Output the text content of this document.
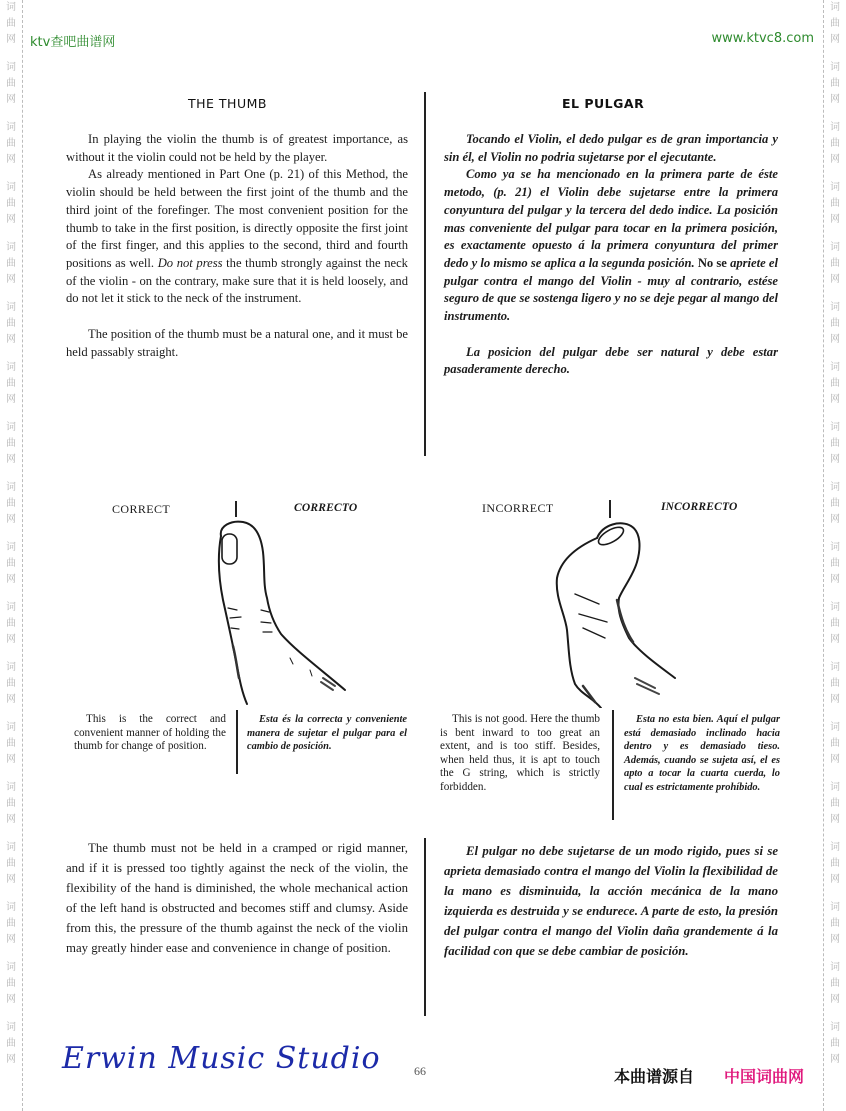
词
曲
网
词
曲
网
词
曲
网
词
曲
网
词
曲
网
词
曲
网
词
曲
网
词
曲
网
词
曲
网
词
曲
网
词
曲
网
词
曲
网
词
曲
网
词
曲
网
词
曲
网
词
曲
网
词
曲
网
词
曲
网
词
曲
网
词
曲
网
词
曲
网
词
曲
网
词
曲
网
词
曲
网
词
曲
网
词
曲
网
词
曲
网
词
曲
网
词
曲
网
词
曲
网
词
曲
网
词
曲
网
词
曲
网
词
曲
网
词
曲
网
词
曲
网
ktv查吧曲谱网	www.ktvc8.com
THE THUMB	EL PULGAR

In playing the violin the thumb is of greatest importance, as without it the violin could not be held by the player.

As already mentioned in Part One (p. 21) of this Method, the violin should be held between the first joint of the thumb and the third joint of the forefinger. The most convenient position for the thumb to take in the first position, is directly opposite the first joint of the first finger, and this applies to the second, third and fourth positions as well. Do not press the thumb strongly against the neck of the violin - on the contrary, make sure that it is held loosely, and do not let it stick to the neck of the instrument.

The position of the thumb must be a natural one, and it must be held passably straight.

Tocando el Violin, el dedo pulgar es de gran importancia y sin él, el Violin no podria sujetarse por el ejecutante.

Como ya se ha mencionado en la primera parte de éste metodo, (p. 21) el Violin debe sujetarse entre la primera conyuntura del pulgar y la tercera del dedo indice. La posición mas conveniente del pulgar para tocar en la primera posición, es exactamente opuesto á la primera conyuntura del primer dedo y lo mismo se aplica a la segunda posición. No se apriete el pulgar contra el mango del Violin - muy al contrario, estése seguro de que se sostenga ligero y no se deje pegar al mango del instrumento.

La posicion del pulgar debe ser natural y debe estar pasaderamente derecho.

CORRECT	CORRECTO	INCORRECT	INCORRECTO

This is the correct and convenient manner of holding the thumb for change of position.

Esta és la correcta y conveniente manera de sujetar el pulgar para el cambio de posición.

This is not good. Here the thumb is bent inward to too great an extent, and is too stiff. Besides, when held thus, it is apt to touch the G string, which is strictly forbidden.

Esta no esta bien. Aquí el pulgar está demasiado inclinado hacia dentro y es demasiado tieso. Además, cuando se sujeta así, el es apto a tocar la cuarta cuerda, lo cual es estrictamente prohíbido.

The thumb must not be held in a cramped or rigid manner, and if it is pressed too tightly against the neck of the violin, the flexibility of the hand is diminished, the whole mechanical action of the left hand is obstructed and becomes stiff and clumsy. Aside from this, the pressure of the thumb against the neck of the violin may greatly hinder ease and convenience in change of position.

El pulgar no debe sujetarse de un modo rigido, pues si se aprieta demasiado contra el mango del Violin la flexibilidad de la mano es disminuida, la acción mecánica de la mano izquierda es destruida y se endurece. A parte de esto, la presión del pulgar contra el mango del Violin daña grandemente á la facilidad con que se debe cambiar de posición.

Erwin Music Studio	66	本曲谱源自 中国词曲网
